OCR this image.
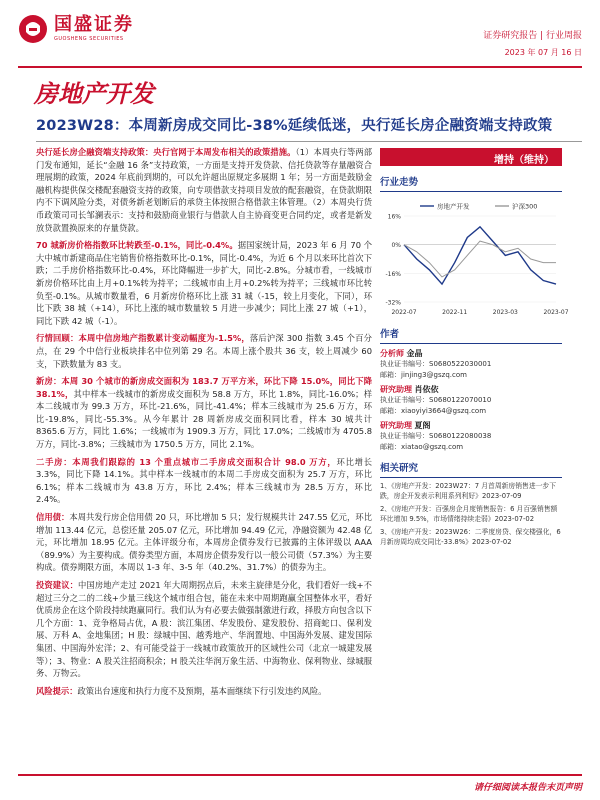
国盛证券
GUOSHENG SECURITIES	证券研究报告 | 行业周报
2023 年 07 月 16 日
房地产开发
2023W28：本周新房成交同比-38%延续低迷，央行延长房企融资端支持政策

央行延长房企融资端支持政策：央行官网于本周发布相关的政策措施。（1）本周央行等两部门发布通知，延长“金融 16 条”支持政策，一方面是支持开发贷款、信托贷款等存量融资合理展期的政策，2024 年底前到期的，可以允许超出原规定多展期 1 年；另一方面是鼓励金融机构提供保交楼配套融资支持的政策，向专项借款支持项目发放的配套融资，在贷款期限内不下调风险分类，对债务新老划断后的承贷主体按照合格借款主体管理。（2）本周央行货币政策司司长邹澜表示：支持和鼓励商业银行与借款人自主协商变更合同约定，或者是新发放贷款置换原来的存量贷款。

70 城新房价格指数环比转跌至-0.1%，同比-0.4%。据国家统计局，2023 年 6 月 70 个大中城市新建商品住宅销售价格指数环比-0.1%，同比-0.4%，为近 6 个月以来环比首次下跌；二手房价格指数环比-0.4%，环比降幅进一步扩大，同比-2.8%。分城市看，一线城市新房价格环比由上月+0.1%转为持平；二线城市由上月+0.2%转为持平；三线城市环比转负至-0.1%。从城市数量看，6 月新房价格环比上涨 31 城（-15，较上月变化，下同），环比下跌 38 城（+14），环比上涨的城市数量较 5 月进一步减少；同比上涨 27 城（+1），同比下跌 42 城（-1）。

行情回顾：本周中信房地产指数累计变动幅度为-1.5%，落后沪深 300 指数 3.45 个百分点，在 29 个中信行业板块排名中位列第 29 名。本周上涨个股共 36 支，较上周减少 60 支，下跌数量为 83 支。

新房：本周 30 个城市的新房成交面积为 183.7 万平方米，环比下降 15.0%，同比下降 38.1%，其中样本一线城市的新房成交面积为 58.8 万方，环比 1.8%，同比-16.0%；样本二线城市为 99.3 万方，环比-21.6%，同比-41.4%；样本三线城市为 25.6 万方，环比-19.8%，同比-55.3%。从今年累计 28 周新房成交面积同比看，样本 30 城共计 8365.6 万方，同比 1.6%；一线城市为 1909.3 万方，同比 17.0%；二线城市为 4705.8 万方，同比-3.8%；三线城市为 1750.5 万方，同比 2.1%。

二手房：本周我们跟踪的 13 个重点城市二手房成交面积合计 98.0 万方，环比增长 3.3%，同比下降 14.1%。其中样本一线城市的本周二手房成交面积为 25.7 万方，环比 6.1%；样本二线城市为 43.8 万方，环比 2.4%；样本三线城市为 28.5 万方，环比 2.4%。

信用债：本周共发行房企信用债 20 只，环比增加 5 只；发行规模共计 247.55 亿元，环比增加 113.44 亿元，总偿还量 205.07 亿元，环比增加 94.49 亿元，净融资额为 42.48 亿元，环比增加 18.95 亿元。主体评级分布，本周房企债券发行已披露的主体评级以 AAA（89.9%）为主要构成。债券类型方面，本周房企债券发行以一般公司债（57.3%）为主要构成。债券期限方面，本周以 1-3 年、3-5 年（40.2%、31.7%）的债券为主。

投资建议：中国房地产走过 2021 年大周期拐点后，未来主旋律是分化，我们看好一线+不超过三分之二的二线+少量三线这个城市组合包，能在未来中周期跑赢全国整体水平，看好优质房企在这个阶段持续跑赢同行。我们认为有必要去做强制激进行政，择股方向包含以下几个方面：1、竞争格局占优，A 股：滨江集团、华发股份、建发股份、招商蛇口、保利发展、万科 A、金地集团；H 股：绿城中国、越秀地产、华润置地、中国海外发展、建发国际集团、中国海外宏洋；2、有可能受益于一线城市政策放开的区域性公司（北京一城建发展等）；3、物业：A 股关注招商积余；H 股关注华润万象生活、中海物业、保利物业、绿城服务、万物云。

风险提示：政策出台速度和执行力度不及预期，基本面继续下行引发违约风险。

增持（维持）
行业走势
16%
0%
-16%
-32%
2022-07	2022-11	2023-03	2023-07
房地产开发	沪深300
作者
分析师 金晶
执业证书编号：S0680522030001
邮箱：jinjing3@gszq.com
研究助理 肖依依
执业证书编号：S0680122070010
邮箱：xiaoyiyi3664@gszq.com
研究助理 夏阁
执业证书编号：S0680122080038
邮箱：xiatao@gszq.com
相关研究
1、《房地产开发：2023W27：7 月首周新房销售进一步下跌，房企开发表示利用系列利好》2023-07-09
2、《房地产开发：百强房企月度销售报告：6 月百强销售额环比增加 9.5%，市场情绪持续走弱》2023-07-02
3、《房地产开发：2023W26：二季度房贷、保交楼强化，6 月新房周均成交同比-33.8%》2023-07-02
请仔细阅读本报告末页声明
